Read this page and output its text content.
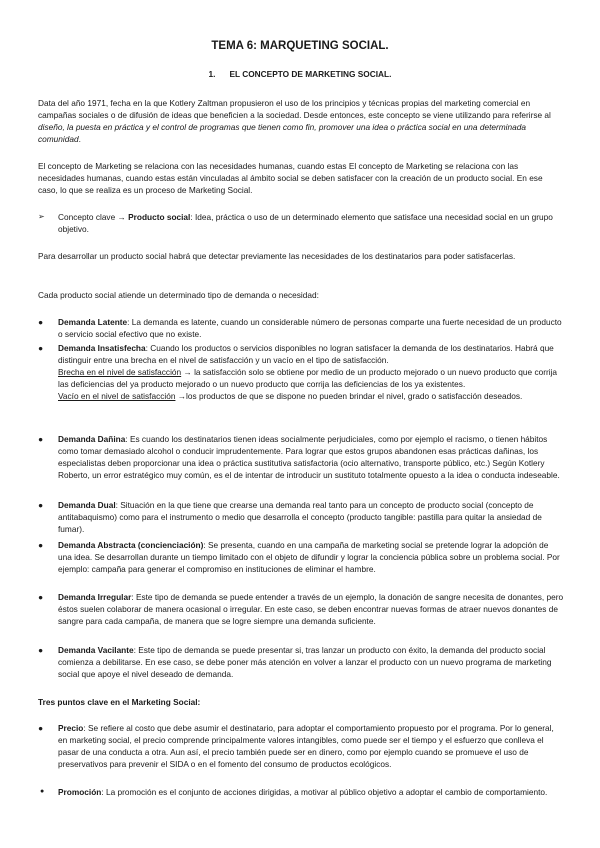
TEMA 6: MARQUETING SOCIAL.

1. EL CONCEPTO DE MARKETING SOCIAL.

Data del año 1971, fecha en la que Kotlery Zaltman propusieron el uso de los principios y técnicas propias del marketing comercial en campañas sociales o de difusión de ideas que beneficien a la sociedad. Desde entonces, este concepto se viene utilizando para referirse al diseño, la puesta en práctica y el control de programas que tienen como fin, promover una idea o práctica social en una determinada comunidad.

El concepto de Marketing se relaciona con las necesidades humanas, cuando estas El concepto de Marketing se relaciona con las necesidades humanas, cuando estas están vinculadas al ámbito social se deben satisfacer con la creación de un producto social. En ese caso, lo que se realiza es un proceso de Marketing Social.

➢ Concepto clave → Producto social: Idea, práctica o uso de un determinado elemento que satisface una necesidad social en un grupo objetivo.

Para desarrollar un producto social habrá que detectar previamente las necesidades de los destinatarios para poder satisfacerlas.

Cada producto social atiende un determinado tipo de demanda o necesidad:

● Demanda Latente: La demanda es latente, cuando un considerable número de personas comparte una fuerte necesidad de un producto o servicio social efectivo que no existe.

● Demanda Insatisfecha: Cuando los productos o servicios disponibles no logran satisfacer la demanda de los destinatarios. Habrá que distinguir entre una brecha en el nivel de satisfacción y un vacío en el tipo de satisfacción.
Brecha en el nivel de satisfacción → la satisfacción solo se obtiene por medio de un producto mejorado o un nuevo producto que corrija las deficiencias del ya producto mejorado o un nuevo producto que corrija las deficiencias de los ya existentes.
Vacío en el nivel de satisfacción →los productos de que se dispone no pueden brindar el nivel, grado o satisfacción deseados.

● Demanda Dañina: Es cuando los destinatarios tienen ideas socialmente perjudiciales, como por ejemplo el racismo, o tienen hábitos como tomar demasiado alcohol o conducir imprudentemente. Para lograr que estos grupos abandonen esas prácticas dañinas, los especialistas deben proporcionar una idea o práctica sustitutiva satisfactoria (ocio alternativo, transporte público, etc.) Según Kotlery Roberto, un error estratégico muy común, es el de intentar de introducir un sustituto totalmente opuesto a la idea o conducta indeseable.

● Demanda Dual: Situación en la que tiene que crearse una demanda real tanto para un concepto de producto social (concepto de antitabaquismo) como para el instrumento o medio que desarrolla el concepto (producto tangible: pastilla para quitar la ansiedad de fumar).

● Demanda Abstracta (concienciación): Se presenta, cuando en una campaña de marketing social se pretende lograr la adopción de una idea. Se desarrollan durante un tiempo limitado con el objeto de difundir y lograr la conciencia pública sobre un problema social. Por ejemplo: campaña para generar el compromiso en instituciones de eliminar el hambre.

● Demanda Irregular: Este tipo de demanda se puede entender a través de un ejemplo, la donación de sangre necesita de donantes, pero éstos suelen colaborar de manera ocasional o irregular. En este caso, se deben encontrar nuevas formas de atraer nuevos donantes de sangre para cada campaña, de manera que se logre siempre una demanda suficiente.

● Demanda Vacilante: Este tipo de demanda se puede presentar si, tras lanzar un producto con éxito, la demanda del producto social comienza a debilitarse. En ese caso, se debe poner más atención en volver a lanzar el producto con un nuevo programa de marketing social que apoye el nivel deseado de demanda.

Tres puntos clave en el Marketing Social:

● Precio: Se refiere al costo que debe asumir el destinatario, para adoptar el comportamiento propuesto por el programa. Por lo general, en marketing social, el precio comprende principalmente valores intangibles, como puede ser el tiempo y el esfuerzo que conlleva el pasar de una conducta a otra. Aun así, el precio también puede ser en dinero, como por ejemplo cuando se promueve el uso de preservativos para prevenir el SIDA o en el fomento del consumo de productos ecológicos.

● Promoción: La promoción es el conjunto de acciones dirigidas, a motivar al público objetivo a adoptar el cambio de comportamiento.
